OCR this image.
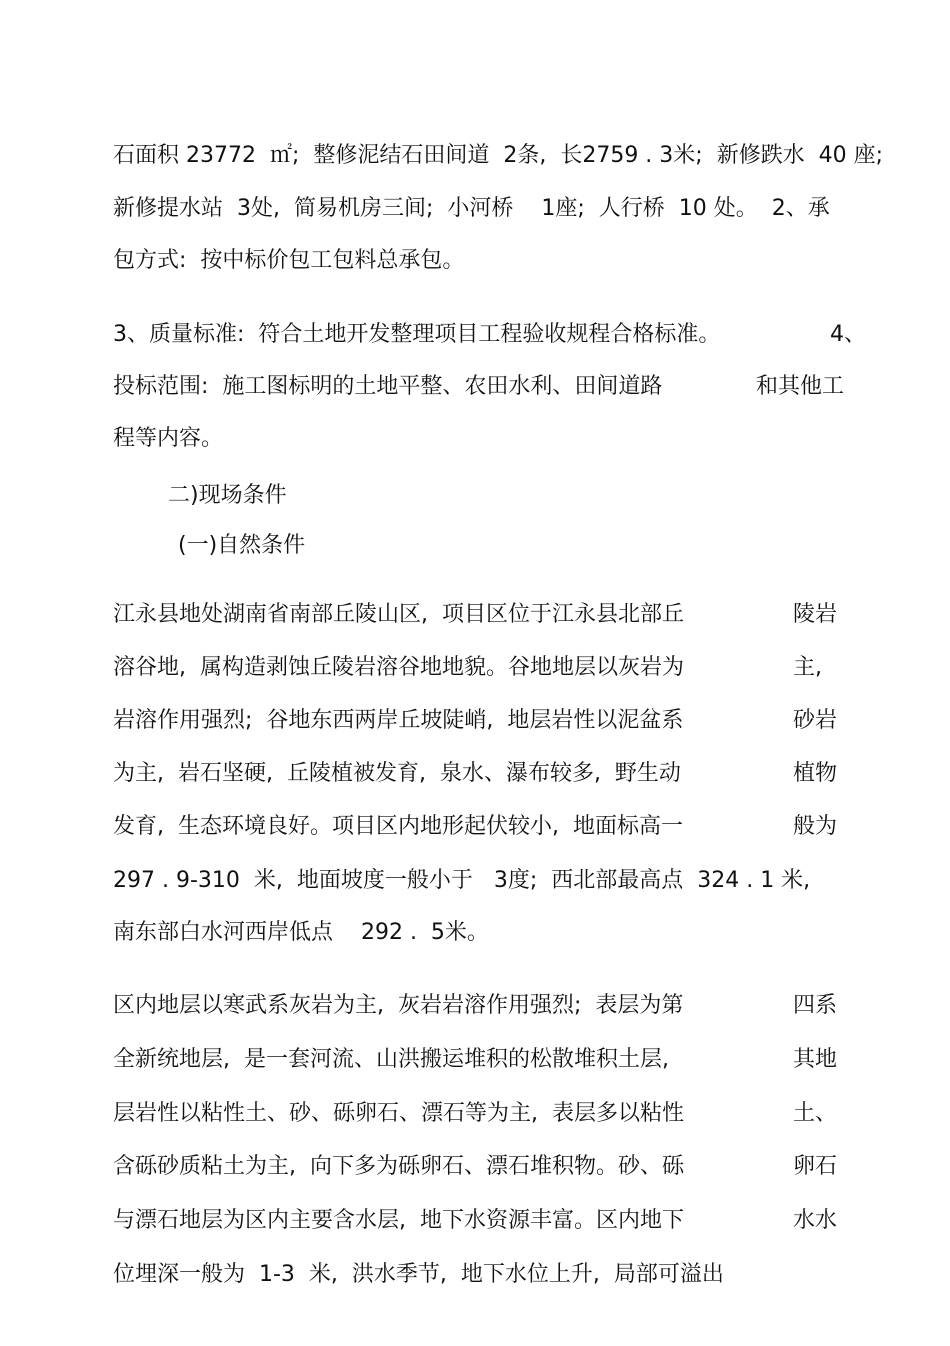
石面积 23772  ㎡;  整修泥结石田间道  2条,  长2759 . 3米;  新修跌水  40 座;
新修提水站  3处,  简易机房三间;  小河桥    1座;  人行桥  10 处。  2、承
包方式:  按中标价包工包料总承包。
3、质量标准:  符合土地开发整理项目工程验收规程合格标准。	4、
投标范围:  施工图标明的土地平整、农田水利、田间道路	和其他工
程等内容。
二)现场条件
(一)自然条件
江永县地处湖南省南部丘陵山区,  项目区位于江永县北部丘	陵岩
溶谷地,  属构造剥蚀丘陵岩溶谷地地貌。谷地地层以灰岩为	主,
岩溶作用强烈;  谷地东西两岸丘坡陡峭,  地层岩性以泥盆系	砂岩
为主,  岩石坚硬,  丘陵植被发育,  泉水、瀑布较多,  野生动	植物
发育,  生态环境良好。项目区内地形起伏较小,  地面标高一	般为
297 . 9-310  米,  地面坡度一般小于   3度;  西北部最高点  324 . 1 米,
南东部白水河西岸低点    292 .  5米。
区内地层以寒武系灰岩为主,  灰岩岩溶作用强烈;  表层为第	四系
全新统地层,  是一套河流、山洪搬运堆积的松散堆积土层,	其地
层岩性以粘性土、砂、砾卵石、漂石等为主,  表层多以粘性	土、
含砾砂质粘土为主,  向下多为砾卵石、漂石堆积物。砂、砾	卵石
与漂石地层为区内主要含水层,  地下水资源丰富。区内地下	水水
位埋深一般为  1-3  米,  洪水季节,  地下水位上升,  局部可溢出
